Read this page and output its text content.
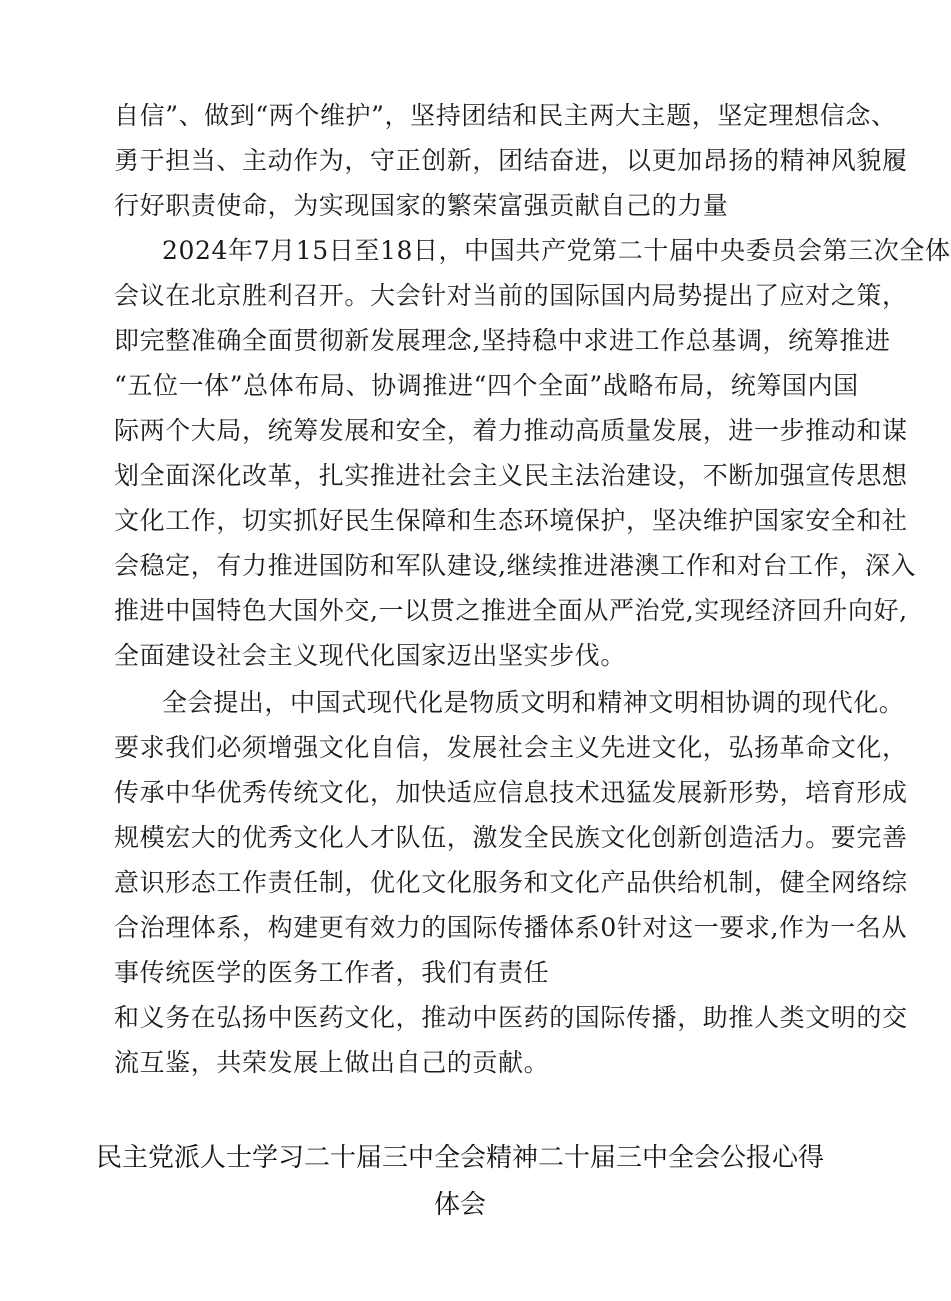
自信”、做到“两个维护”，坚持团结和民主两大主题，坚定理想信念、
勇于担当、主动作为，守正创新，团结奋进，以更加昂扬的精神风貌履
行好职责使命，为实现国家的繁荣富强贡献自己的力量
2024年7月15日至18日，中国共产党第二十届中央委员会第三次全体
会议在北京胜利召开。大会针对当前的国际国内局势提出了应对之策，
即完整准确全面贯彻新发展理念,坚持稳中求进工作总基调，统筹推进
“五位一体”总体布局、协调推进“四个全面”战略布局，统筹国内国
际两个大局，统筹发展和安全，着力推动高质量发展，进一步推动和谋
划全面深化改革，扎实推进社会主义民主法治建设，不断加强宣传思想
文化工作，切实抓好民生保障和生态环境保护，坚决维护国家安全和社
会稳定，有力推进国防和军队建设,继续推进港澳工作和对台工作，深入
推进中国特色大国外交,一以贯之推进全面从严治党,实现经济回升向好,
全面建设社会主义现代化国家迈出坚实步伐。
全会提出，中国式现代化是物质文明和精神文明相协调的现代化。
要求我们必须增强文化自信，发展社会主义先进文化，弘扬革命文化，
传承中华优秀传统文化，加快适应信息技术迅猛发展新形势，培育形成
规模宏大的优秀文化人才队伍，激发全民族文化创新创造活力。要完善
意识形态工作责任制，优化文化服务和文化产品供给机制，健全网络综
合治理体系，构建更有效力的国际传播体系0针对这一要求,作为一名从
事传统医学的医务工作者，我们有责任
和义务在弘扬中医药文化，推动中医药的国际传播，助推人类文明的交
流互鉴，共荣发展上做出自己的贡献。
民主党派人士学习二十届三中全会精神二十届三中全会公报心得
体会
